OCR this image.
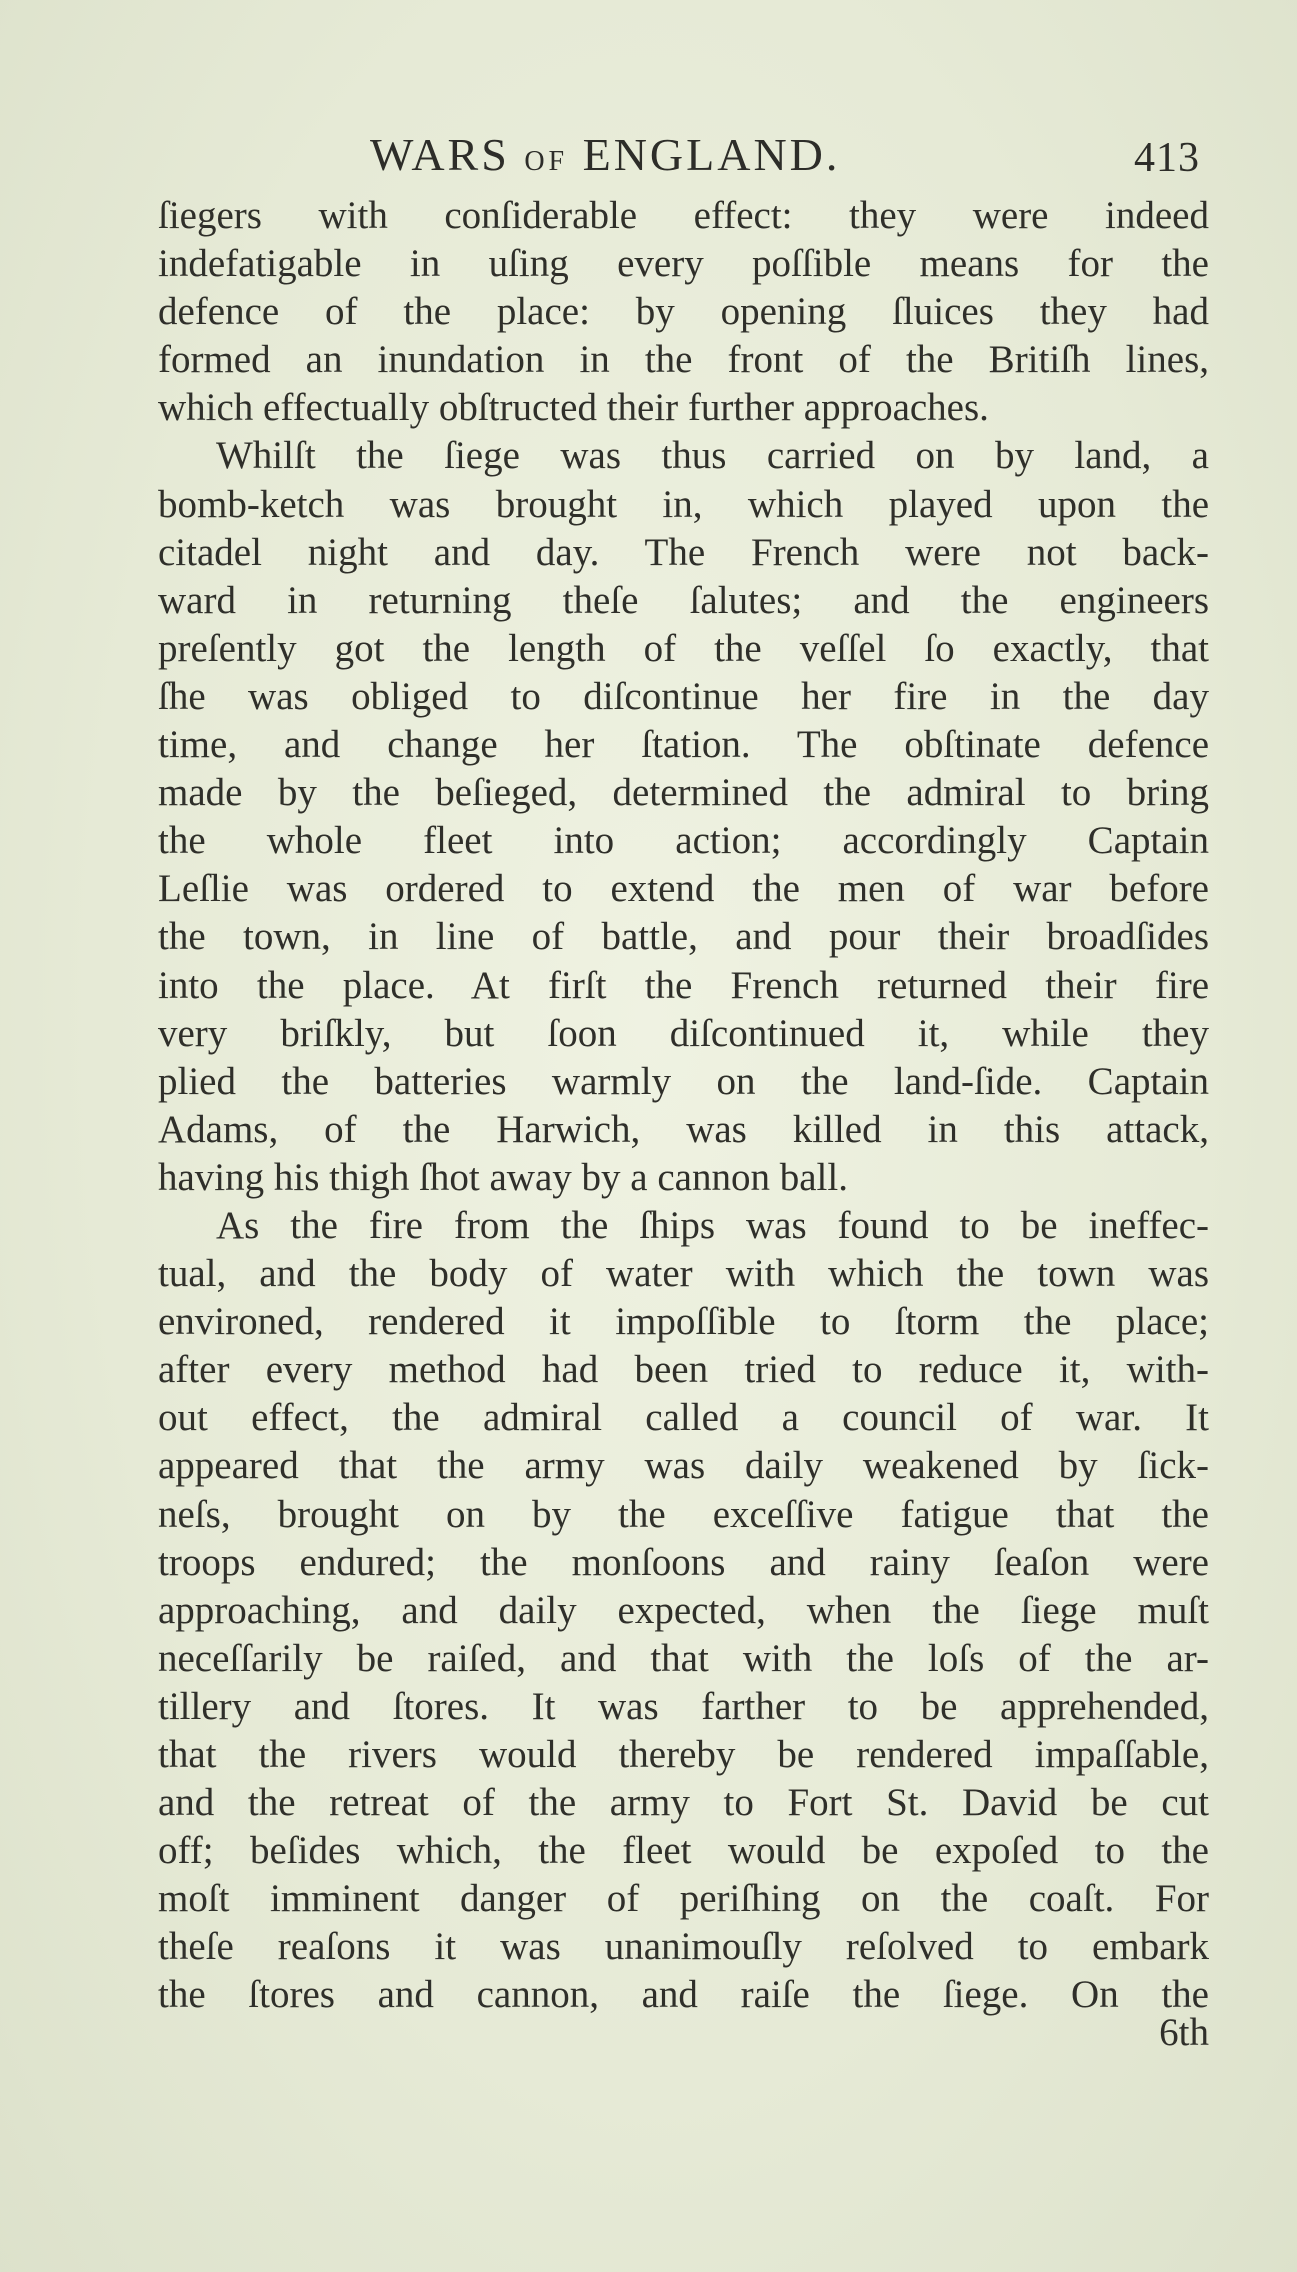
WARS OF ENGLAND.	413
ſiegers with conſiderable effect: they were indeed
indefatigable in uſing every poſſible means for the
defence of the place: by opening ſluices they had
formed an inundation in the front of the Britiſh lines,
which effectually obſtructed their further approaches.
Whilſt the ſiege was thus carried on by land, a
bomb-ketch was brought in, which played upon the
citadel night and day. The French were not back-
ward in returning theſe ſalutes; and the engineers
preſently got the length of the veſſel ſo exactly, that
ſhe was obliged to diſcontinue her fire in the day
time, and change her ſtation. The obſtinate defence
made by the beſieged, determined the admiral to bring
the whole fleet into action; accordingly Captain
Leſlie was ordered to extend the men of war before
the town, in line of battle, and pour their broadſides
into the place. At firſt the French returned their fire
very briſkly, but ſoon diſcontinued it, while they
plied the batteries warmly on the land-ſide. Captain
Adams, of the Harwich, was killed in this attack,
having his thigh ſhot away by a cannon ball.
As the fire from the ſhips was found to be ineffec-
tual, and the body of water with which the town was
environed, rendered it impoſſible to ſtorm the place;
after every method had been tried to reduce it, with-
out effect, the admiral called a council of war. It
appeared that the army was daily weakened by ſick-
neſs, brought on by the exceſſive fatigue that the
troops endured; the monſoons and rainy ſeaſon were
approaching, and daily expected, when the ſiege muſt
neceſſarily be raiſed, and that with the loſs of the ar-
tillery and ſtores. It was farther to be apprehended,
that the rivers would thereby be rendered impaſſable,
and the retreat of the army to Fort St. David be cut
off; beſides which, the fleet would be expoſed to the
moſt imminent danger of periſhing on the coaſt. For
theſe reaſons it was unanimouſly reſolved to embark
the ſtores and cannon, and raiſe the ſiege. On the
6th
